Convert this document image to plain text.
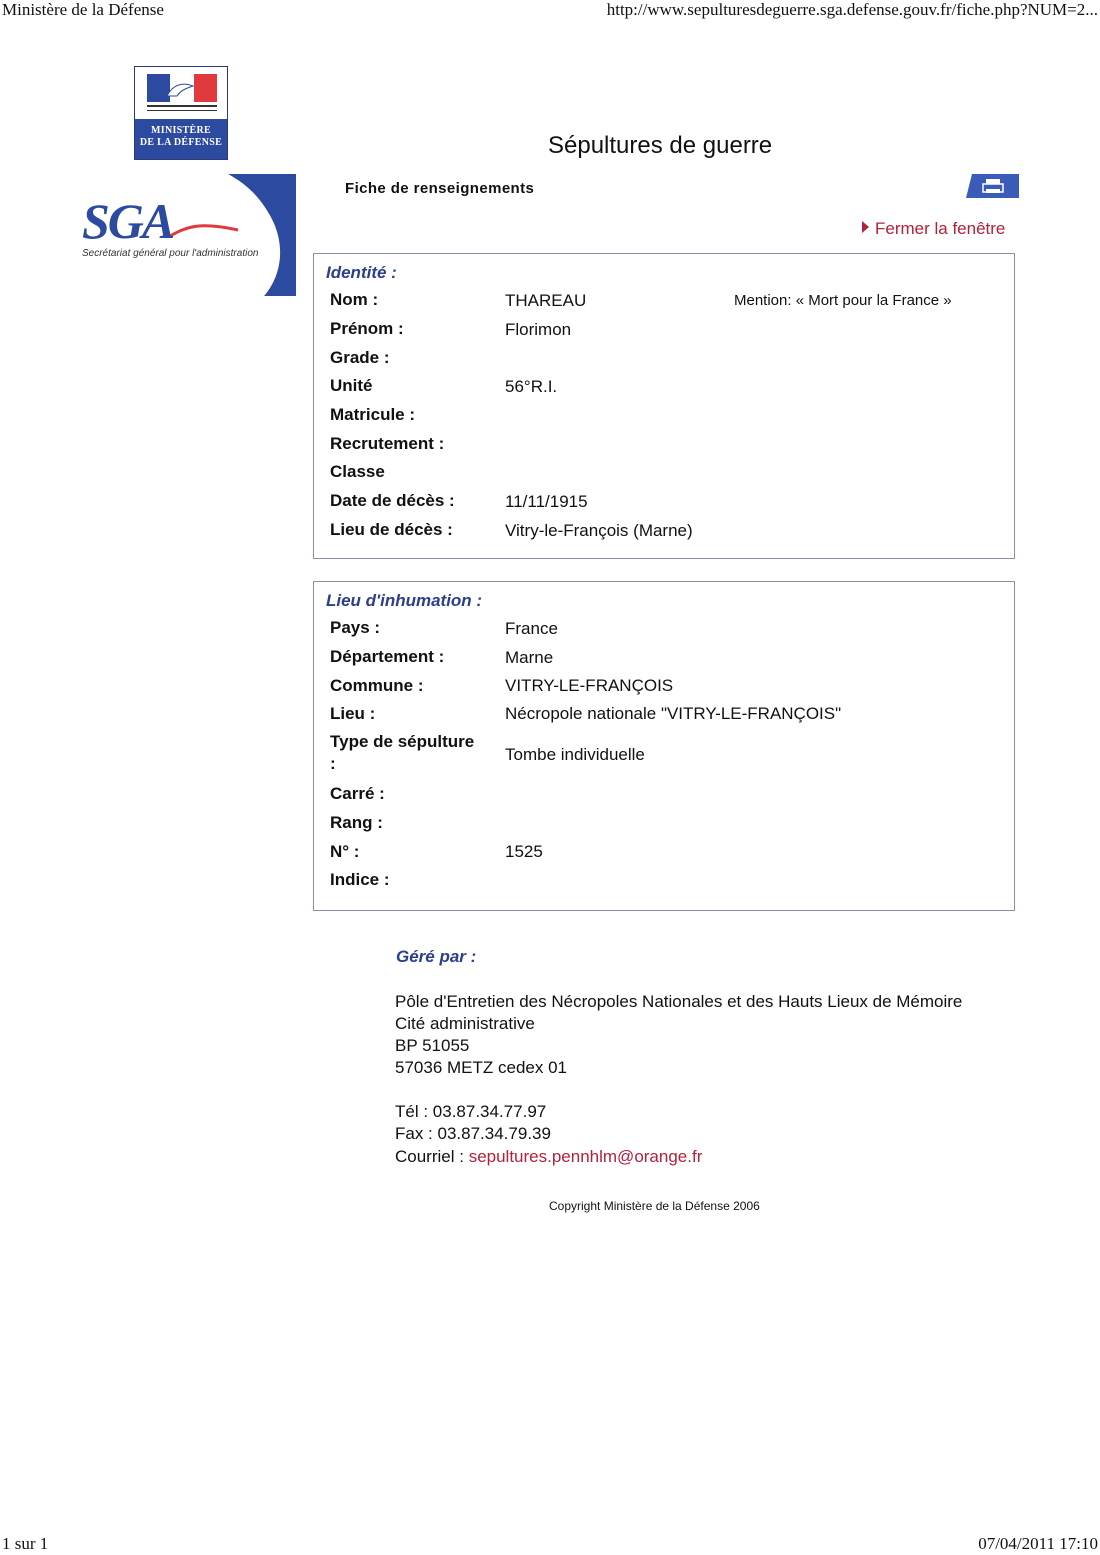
Ministère de la Défense	http://www.sepulturesdeguerre.sga.defense.gouv.fr/fiche.php?NUM=2...
1 sur 1	07/04/2011 17:10
MINISTÈRE
DE LA DÉFENSE
SGA
Secrétariat général pour l'administration
Sépultures de guerre
Fiche de renseignements
Fermer la fenêtre
Identité :
Mention: « Mort pour la France »
Nom :	THAREAU
Prénom :	Florimon
Grade :
Unité	56°R.I.
Matricule :
Recrutement :
Classe
Date de décès :	11/11/1915
Lieu de décès :	Vitry-le-François (Marne)
Lieu d'inhumation :
Pays :	France
Département :	Marne
Commune :	VITRY-LE-FRANÇOIS
Lieu :	Nécropole nationale "VITRY-LE-FRANÇOIS"
Type de sépulture
:	Tombe individuelle
Carré :
Rang :
N° :	1525
Indice :
Géré par :
Pôle d'Entretien des Nécropoles Nationales et des Hauts Lieux de Mémoire
Cité administrative
BP 51055
57036 METZ cedex 01
Tél : 03.87.34.77.97
Fax : 03.87.34.79.39
Courriel : sepultures.pennhlm@orange.fr
Copyright Ministère de la Défense 2006
